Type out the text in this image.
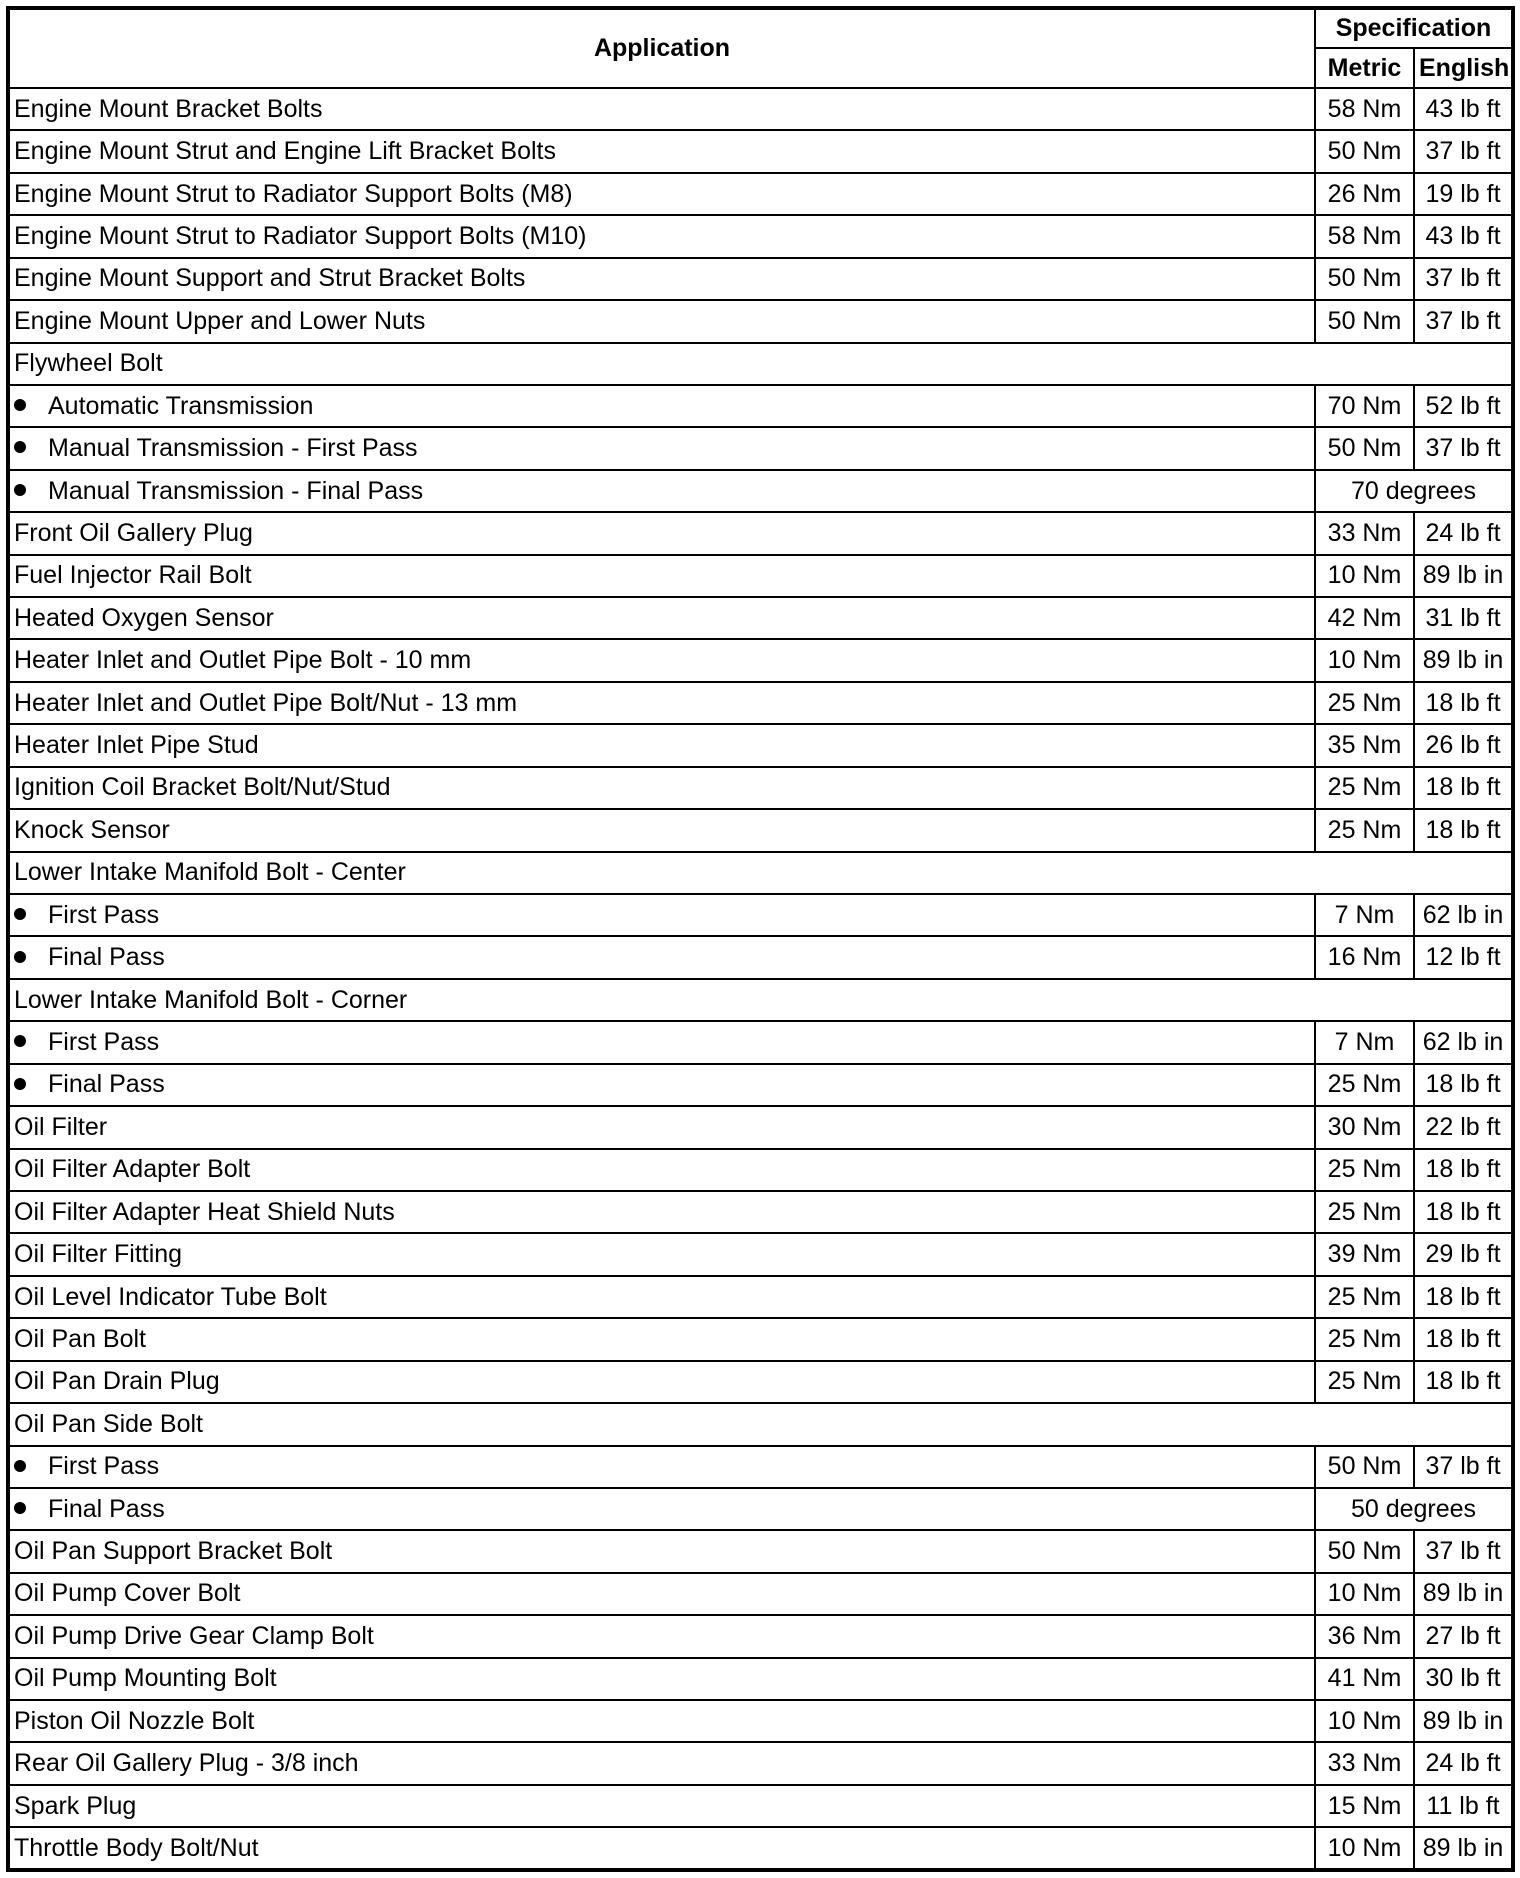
Application	Specification	
	Metric	English
Engine Mount Bracket Bolts	58 Nm	43 lb ft
Engine Mount Strut and Engine Lift Bracket Bolts	50 Nm	37 lb ft
Engine Mount Strut to Radiator Support Bolts (M8)	26 Nm	19 lb ft
Engine Mount Strut to Radiator Support Bolts (M10)	58 Nm	43 lb ft
Engine Mount Support and Strut Bracket Bolts	50 Nm	37 lb ft
Engine Mount Upper and Lower Nuts	50 Nm	37 lb ft
Flywheel Bolt		
Automatic Transmission	70 Nm	52 lb ft
Manual Transmission - First Pass	50 Nm	37 lb ft
Manual Transmission - Final Pass	70 degrees	
Front Oil Gallery Plug	33 Nm	24 lb ft
Fuel Injector Rail Bolt	10 Nm	89 lb in
Heated Oxygen Sensor	42 Nm	31 lb ft
Heater Inlet and Outlet Pipe Bolt - 10 mm	10 Nm	89 lb in
Heater Inlet and Outlet Pipe Bolt/Nut - 13 mm	25 Nm	18 lb ft
Heater Inlet Pipe Stud	35 Nm	26 lb ft
Ignition Coil Bracket Bolt/Nut/Stud	25 Nm	18 lb ft
Knock Sensor	25 Nm	18 lb ft
Lower Intake Manifold Bolt - Center		
First Pass	7 Nm	62 lb in
Final Pass	16 Nm	12 lb ft
Lower Intake Manifold Bolt - Corner		
First Pass	7 Nm	62 lb in
Final Pass	25 Nm	18 lb ft
Oil Filter	30 Nm	22 lb ft
Oil Filter Adapter Bolt	25 Nm	18 lb ft
Oil Filter Adapter Heat Shield Nuts	25 Nm	18 lb ft
Oil Filter Fitting	39 Nm	29 lb ft
Oil Level Indicator Tube Bolt	25 Nm	18 lb ft
Oil Pan Bolt	25 Nm	18 lb ft
Oil Pan Drain Plug	25 Nm	18 lb ft
Oil Pan Side Bolt		
First Pass	50 Nm	37 lb ft
Final Pass	50 degrees	
Oil Pan Support Bracket Bolt	50 Nm	37 lb ft
Oil Pump Cover Bolt	10 Nm	89 lb in
Oil Pump Drive Gear Clamp Bolt	36 Nm	27 lb ft
Oil Pump Mounting Bolt	41 Nm	30 lb ft
Piston Oil Nozzle Bolt	10 Nm	89 lb in
Rear Oil Gallery Plug - 3/8 inch	33 Nm	24 lb ft
Spark Plug	15 Nm	11 lb ft
Throttle Body Bolt/Nut	10 Nm	89 lb in
